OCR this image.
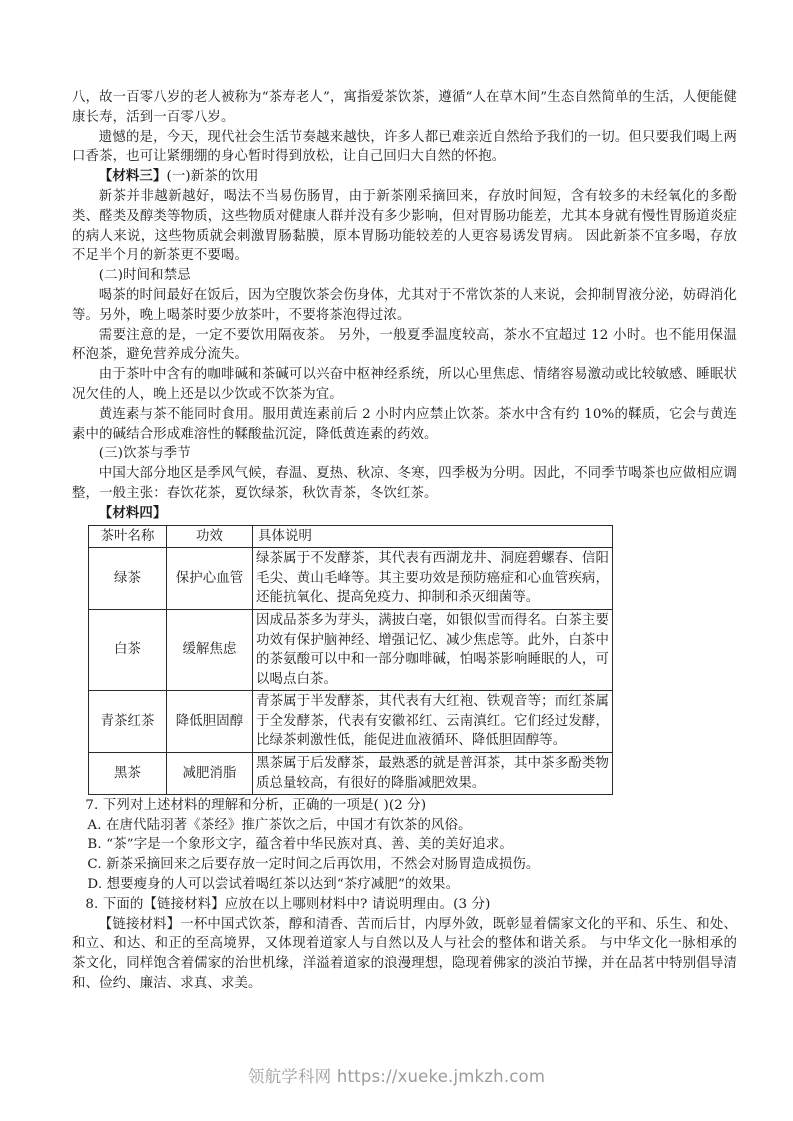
八，故一百零八岁的老人被称为“茶寿老人”，寓指爱茶饮茶，遵循“人在草木间”生态自然简单的生活，人便能健康长寿，活到一百零八岁。

遗憾的是，今天，现代社会生活节奏越来越快，许多人都已难亲近自然给予我们的一切。但只要我们喝上两口香茶，也可让紧绷绷的身心暂时得到放松，让自己回归大自然的怀抱。

【材料三】(一)新茶的饮用

新茶并非越新越好，喝法不当易伤肠胃，由于新茶刚采摘回来，存放时间短，含有较多的未经氧化的多酚类、醛类及醇类等物质，这些物质对健康人群并没有多少影响，但对胃肠功能差，尤其本身就有慢性胃肠道炎症的病人来说，这些物质就会刺激胃肠黏膜，原本胃肠功能较差的人更容易诱发胃病。 因此新茶不宜多喝，存放不足半个月的新茶更不要喝。

(二)时间和禁忌

喝茶的时间最好在饭后，因为空腹饮茶会伤身体，尤其对于不常饮茶的人来说，会抑制胃液分泌，妨碍消化等。另外，晚上喝茶时要少放茶叶，不要将茶泡得过浓。

需要注意的是，一定不要饮用隔夜茶。 另外，一般夏季温度较高，茶水不宜超过 12 小时。也不能用保温杯泡茶，避免营养成分流失。

由于茶叶中含有的咖啡碱和茶碱可以兴奋中枢神经系统，所以心里焦虑、情绪容易激动或比较敏感、睡眠状况欠佳的人，晚上还是以少饮或不饮茶为宜。

黄连素与茶不能同时食用。服用黄连素前后 2 小时内应禁止饮茶。茶水中含有约 10%的鞣质，它会与黄连素中的碱结合形成难溶性的鞣酸盐沉淀，降低黄连素的药效。

(三)饮茶与季节

中国大部分地区是季风气候，春温、夏热、秋凉、冬寒，四季极为分明。因此，不同季节喝茶也应做相应调整，一般主张：春饮花茶，夏饮绿茶，秋饮青茶，冬饮红茶。

【材料四】

茶叶名称	功效	具体说明
绿茶	保护心血管	绿茶属于不发酵茶，其代表有西湖龙井、洞庭碧螺春、信阳毛尖、黄山毛峰等。其主要功效是预防癌症和心血管疾病，还能抗氧化、提高免疫力、抑制和杀灭细菌等。
白茶	缓解焦虑	因成品茶多为芽头，满披白毫，如银似雪而得名。白茶主要功效有保护脑神经、增强记忆、减少焦虑等。此外，白茶中的茶氨酸可以中和一部分咖啡碱，怕喝茶影响睡眠的人，可以喝点白茶。
青茶红茶	降低胆固醇	青茶属于半发酵茶，其代表有大红袍、铁观音等；而红茶属于全发酵茶，代表有安徽祁红、云南滇红。它们经过发酵，比绿茶刺激性低，能促进血液循环、降低胆固醇等。
黑茶	减肥消脂	黑茶属于后发酵茶，最熟悉的就是普洱茶，其中茶多酚类物质总量较高，有很好的降脂减肥效果。

7. 下列对上述材料的理解和分析，正确的一项是( )(2 分)

A. 在唐代陆羽著《茶经》推广茶饮之后，中国才有饮茶的风俗。

B. “茶”字是一个象形文字，蕴含着中华民族对真、善、美的美好追求。

C. 新茶采摘回来之后要存放一定时间之后再饮用，不然会对肠胃造成损伤。

D. 想要瘦身的人可以尝试着喝红茶以达到“茶疗减肥”的效果。

8. 下面的【链接材料】应放在以上哪则材料中? 请说明理由。(3 分)

【链接材料】一杯中国式饮茶，醇和清香、苦而后甘，内厚外敛，既彰显着儒家文化的平和、乐生、和处、和立、和达、和正的至高境界，又体现着道家人与自然以及人与社会的整体和谐关系。 与中华文化一脉相承的茶文化，同样饱含着儒家的治世机缘，洋溢着道家的浪漫理想，隐现着佛家的淡泊节操，并在品茗中特别倡导清和、俭约、廉洁、求真、求美。

领航学科网 https://xueke.jmkzh.com
